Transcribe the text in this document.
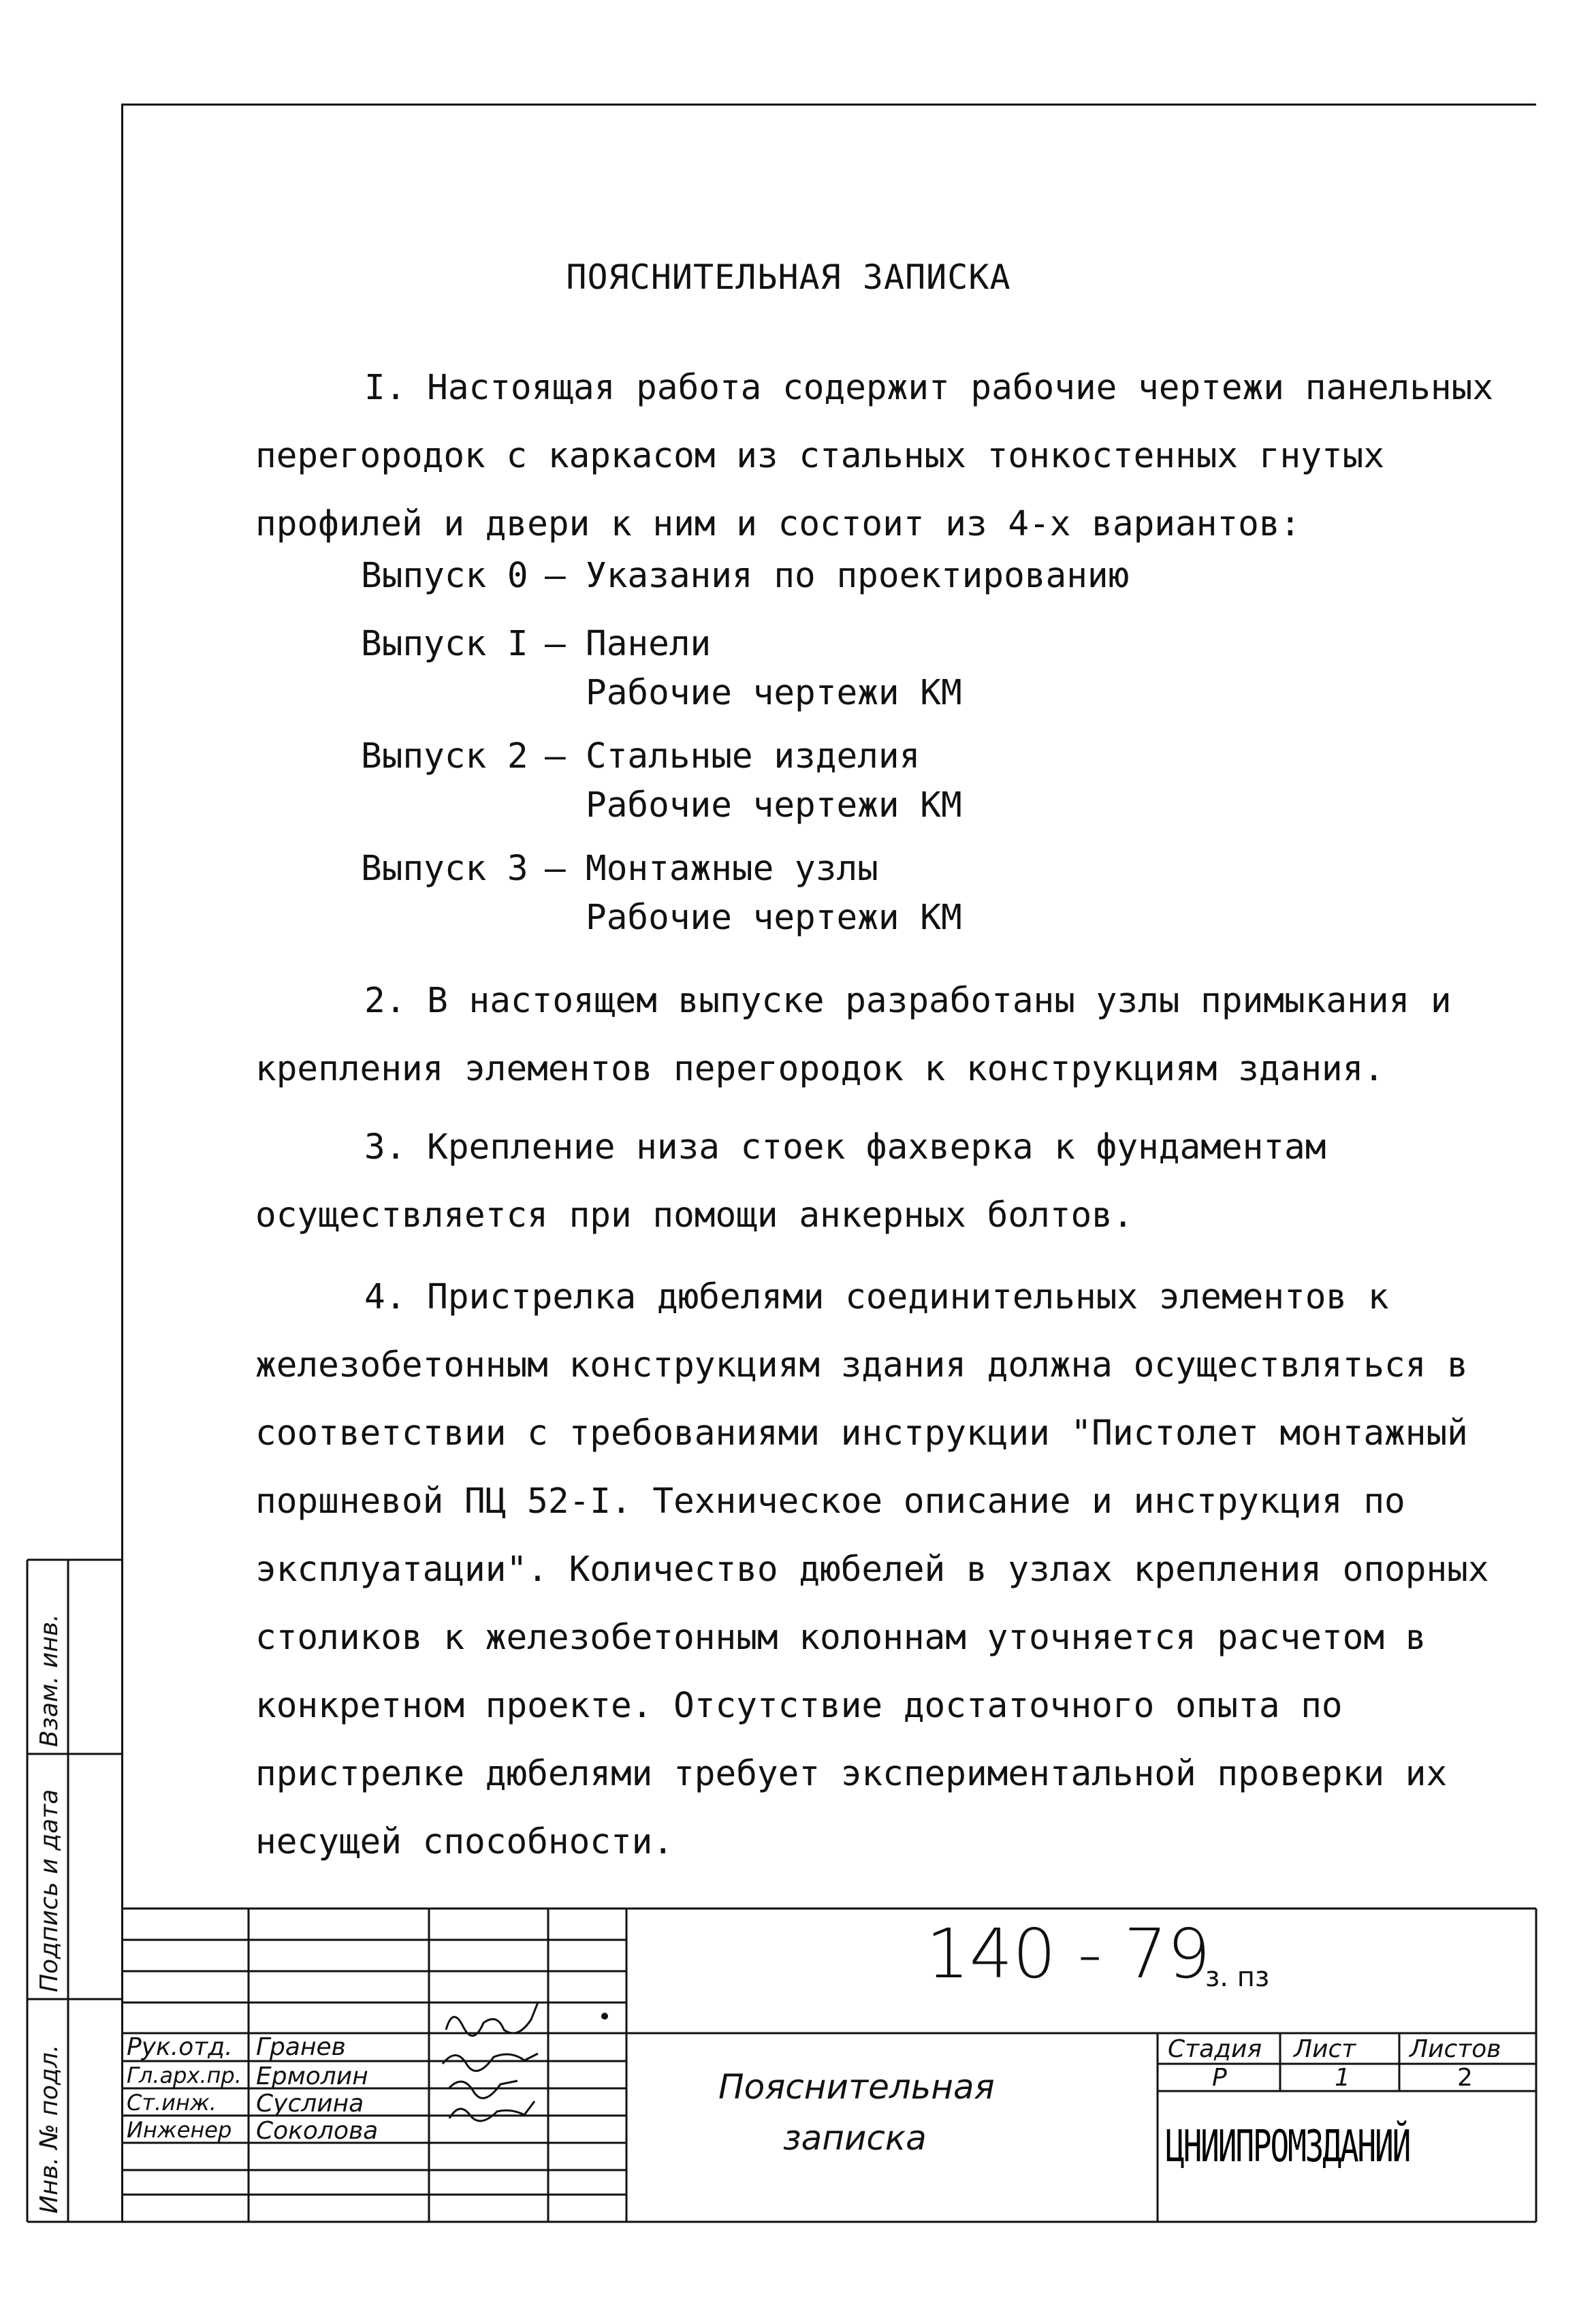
ПОЯСНИТЕЛЬНАЯ ЗАПИСКА
I. Настоящая работа содержит рабочие чертежи панельных перегородок с каркасом из стальных тонкостенных гнутых профилей и двери к ним и состоит из 4-х вариантов:
Выпуск 0 – Указания по проектированию
Выпуск I – Панели
Рабочие чертежи КМ
Выпуск 2 – Стальные изделия
Рабочие чертежи КМ
Выпуск 3 – Монтажные узлы
Рабочие чертежи КМ
2. В настоящем выпуске разработаны узлы примыкания и крепления элементов перегородок к конструкциям здания.
3. Крепление низа стоек фахверка к фундаментам осуществляется при помощи анкерных болтов.
4. Пристрелка дюбелями соединительных элементов к железобетонным конструкциям здания должна осуществляться в соответствии с требованиями инструкции "Пистолет монтажный поршневой ПЦ 52-I. Техническое описание и инструкция по эксплуатации". Количество дюбелей в узлах крепления опорных столиков к железобетонным колоннам уточняется расчетом в конкретном проекте. Отсутствие достаточного опыта по пристрелке дюбелями требует экспериментальной проверки их несущей способности.
Взам. инв.
Подпись и дата
Инв. № подл.
140 - 79
з. пз
Рук.отд. Гранев
Гл.арх.пр. Ермолин
Ст.инж. Суслина
Инженер Соколова
Пояснительная
записка
Стадия Лист Листов
Р	1	2
ЦНИИПРОМЗДАНИЙ
